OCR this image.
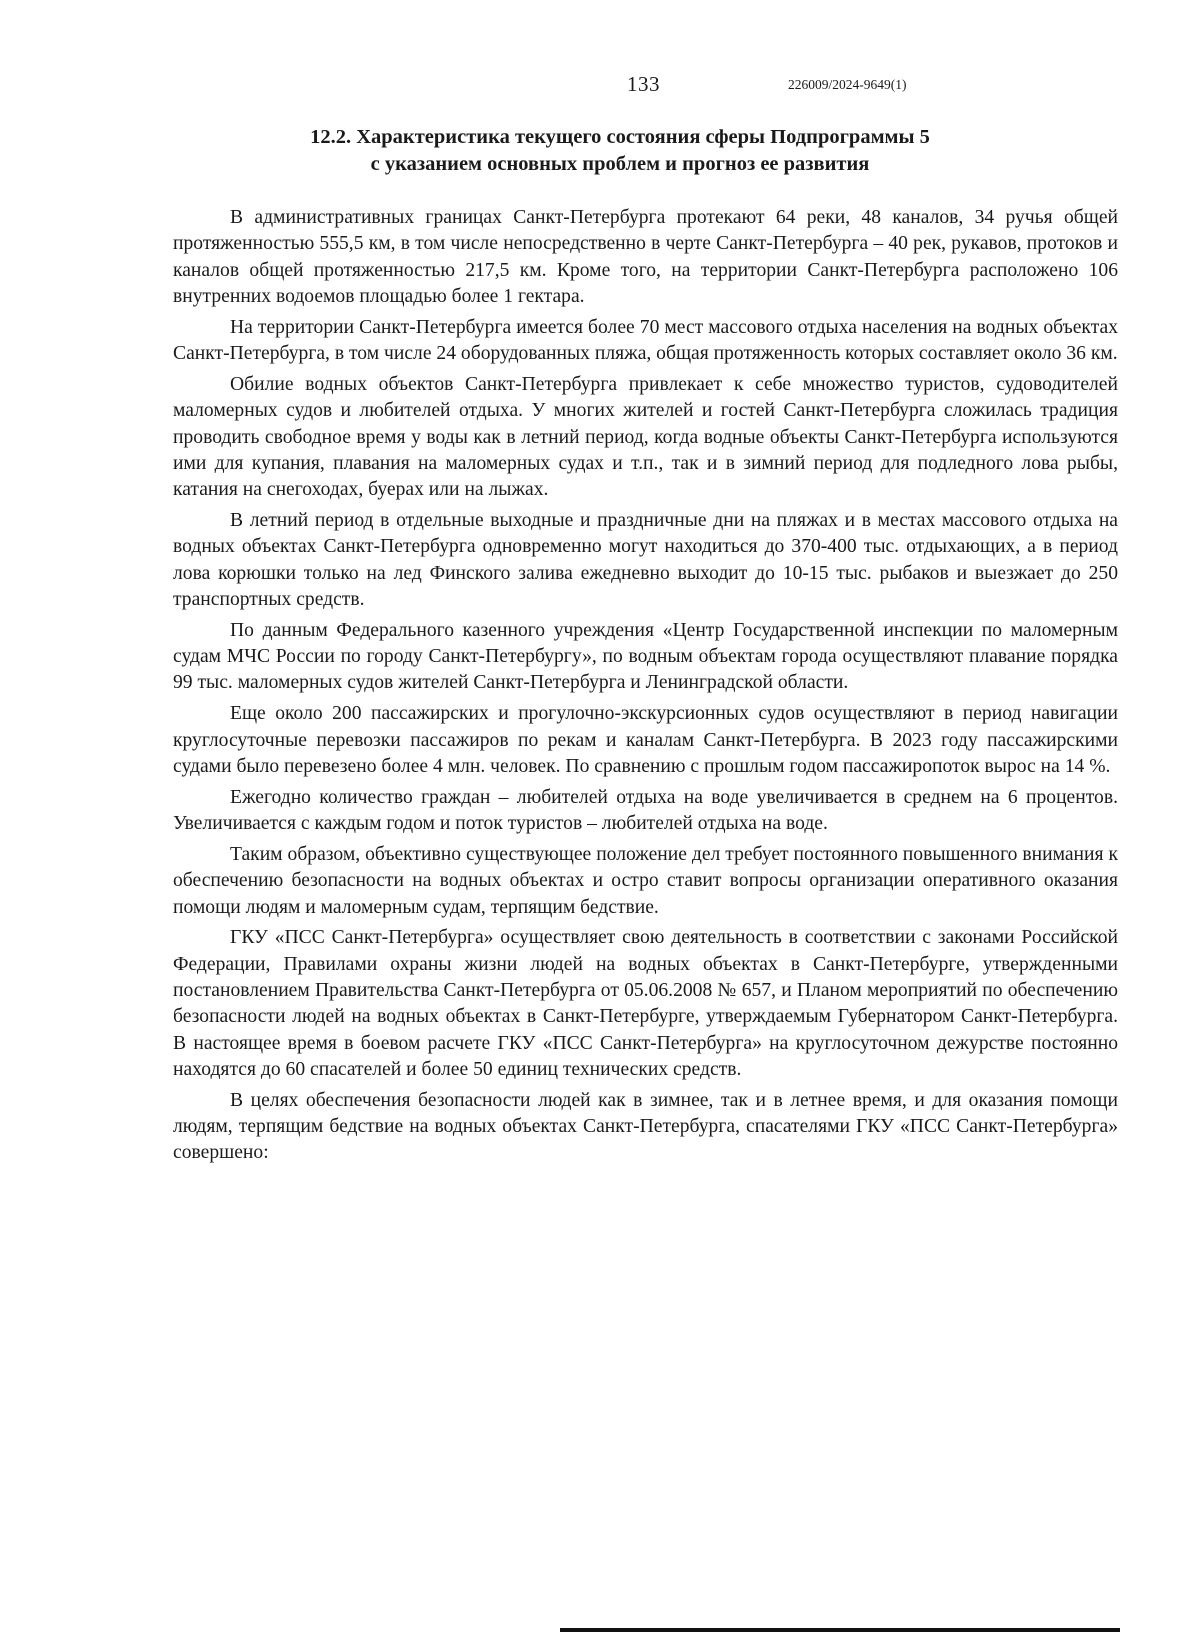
133	226009/2024-9649(1)
12.2. Характеристика текущего состояния сферы Подпрограммы 5
с указанием основных проблем и прогноз ее развития

В административных границах Санкт-Петербурга протекают 64 реки, 48 каналов, 34 ручья общей протяженностью 555,5 км, в том числе непосредственно в черте Санкт-Петербурга – 40 рек, рукавов, протоков и каналов общей протяженностью 217,5 км. Кроме того, на территории Санкт-Петербурга расположено 106 внутренних водоемов площадью более 1 гектара.

На территории Санкт-Петербурга имеется более 70 мест массового отдыха населения на водных объектах Санкт-Петербурга, в том числе 24 оборудованных пляжа, общая протяженность которых составляет около 36 км.

Обилие водных объектов Санкт-Петербурга привлекает к себе множество туристов, судоводителей маломерных судов и любителей отдыха. У многих жителей и гостей Санкт-Петербурга сложилась традиция проводить свободное время у воды как в летний период, когда водные объекты Санкт-Петербурга используются ими для купания, плавания на маломерных судах и т.п., так и в зимний период для подледного лова рыбы, катания на снегоходах, буерах или на лыжах.

В летний период в отдельные выходные и праздничные дни на пляжах и в местах массового отдыха на водных объектах Санкт-Петербурга одновременно могут находиться до 370-400 тыс. отдыхающих, а в период лова корюшки только на лед Финского залива ежедневно выходит до 10-15 тыс. рыбаков и выезжает до 250 транспортных средств.

По данным Федерального казенного учреждения «Центр Государственной инспекции по маломерным судам МЧС России по городу Санкт-Петербургу», по водным объектам города осуществляют плавание порядка 99 тыс. маломерных судов жителей Санкт-Петербурга и Ленинградской области.

Еще около 200 пассажирских и прогулочно-экскурсионных судов осуществляют в период навигации круглосуточные перевозки пассажиров по рекам и каналам Санкт-Петербурга. В 2023 году пассажирскими судами было перевезено более 4 млн. человек. По сравнению с прошлым годом пассажиропоток вырос на 14 %.

Ежегодно количество граждан – любителей отдыха на воде увеличивается в среднем на 6 процентов. Увеличивается с каждым годом и поток туристов – любителей отдыха на воде.

Таким образом, объективно существующее положение дел требует постоянного повышенного внимания к обеспечению безопасности на водных объектах и остро ставит вопросы организации оперативного оказания помощи людям и маломерным судам, терпящим бедствие.

ГКУ «ПСС Санкт-Петербурга» осуществляет свою деятельность в соответствии с законами Российской Федерации, Правилами охраны жизни людей на водных объектах в Санкт-Петербурге, утвержденными постановлением Правительства Санкт-Петербурга от 05.06.2008 № 657, и Планом мероприятий по обеспечению безопасности людей на водных объектах в Санкт-Петербурге, утверждаемым Губернатором Санкт-Петербурга. В настоящее время в боевом расчете ГКУ «ПСС Санкт-Петербурга» на круглосуточном дежурстве постоянно находятся до 60 спасателей и более 50 единиц технических средств.

В целях обеспечения безопасности людей как в зимнее, так и в летнее время, и для оказания помощи людям, терпящим бедствие на водных объектах Санкт-Петербурга, спасателями ГКУ «ПСС Санкт-Петербурга» совершено:
